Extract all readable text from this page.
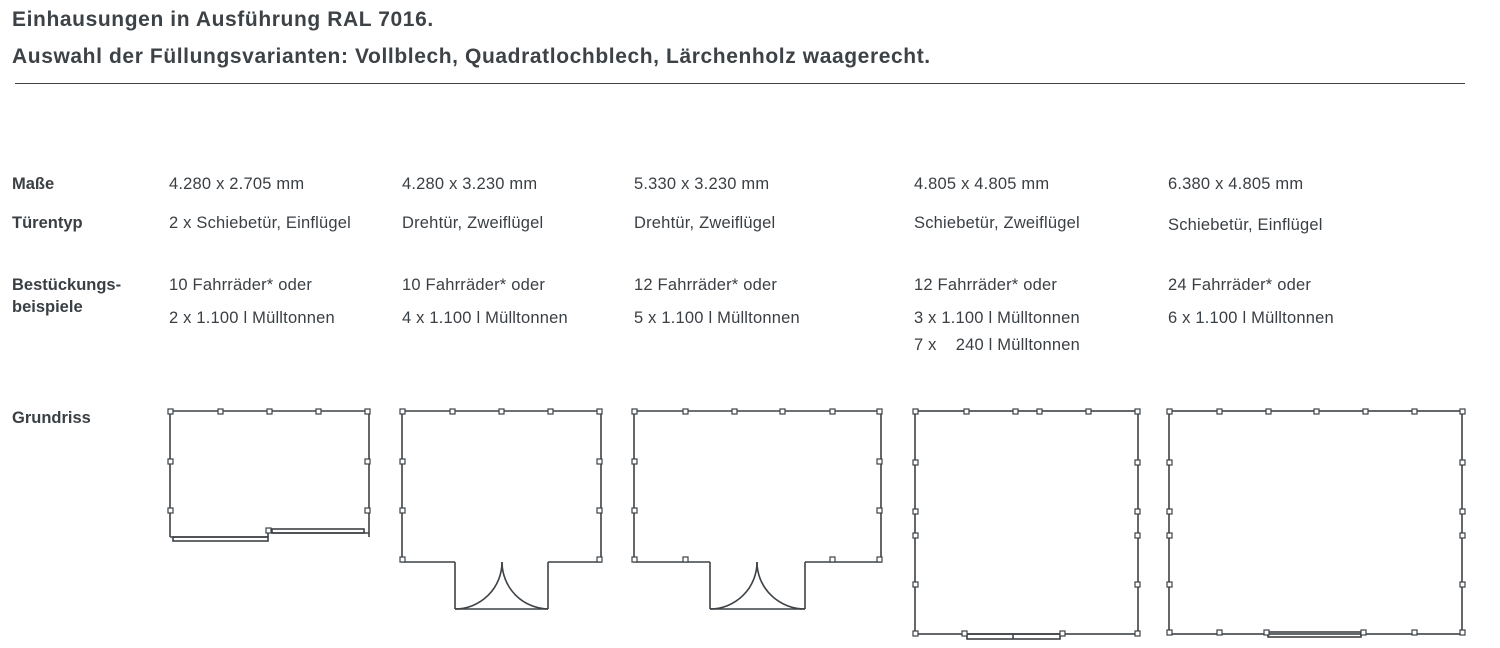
Einhausungen in Ausführung RAL 7016.
Auswahl der Füllungsvarianten: Vollblech, Quadratlochblech, Lärchenholz waagerecht.
Maße
Türentyp
Bestückungs-
beispiele
Grundriss
4.280 x 2.705 mm
2 x Schiebetür, Einflügel
10 Fahrräder* oder
2 x 1.100 l Mülltonnen
4.280 x 3.230 mm
Drehtür, Zweiflügel
10 Fahrräder* oder
4 x 1.100 l Mülltonnen
5.330 x 3.230 mm
Drehtür, Zweiflügel
12 Fahrräder* oder
5 x 1.100 l Mülltonnen
4.805 x 4.805 mm
Schiebetür, Zweiflügel
12 Fahrräder* oder
3 x 1.100 l Mülltonnen
7 x    240 l Mülltonnen
6.380 x 4.805 mm
Schiebetür, Einflügel
24 Fahrräder* oder
6 x 1.100 l Mülltonnen
